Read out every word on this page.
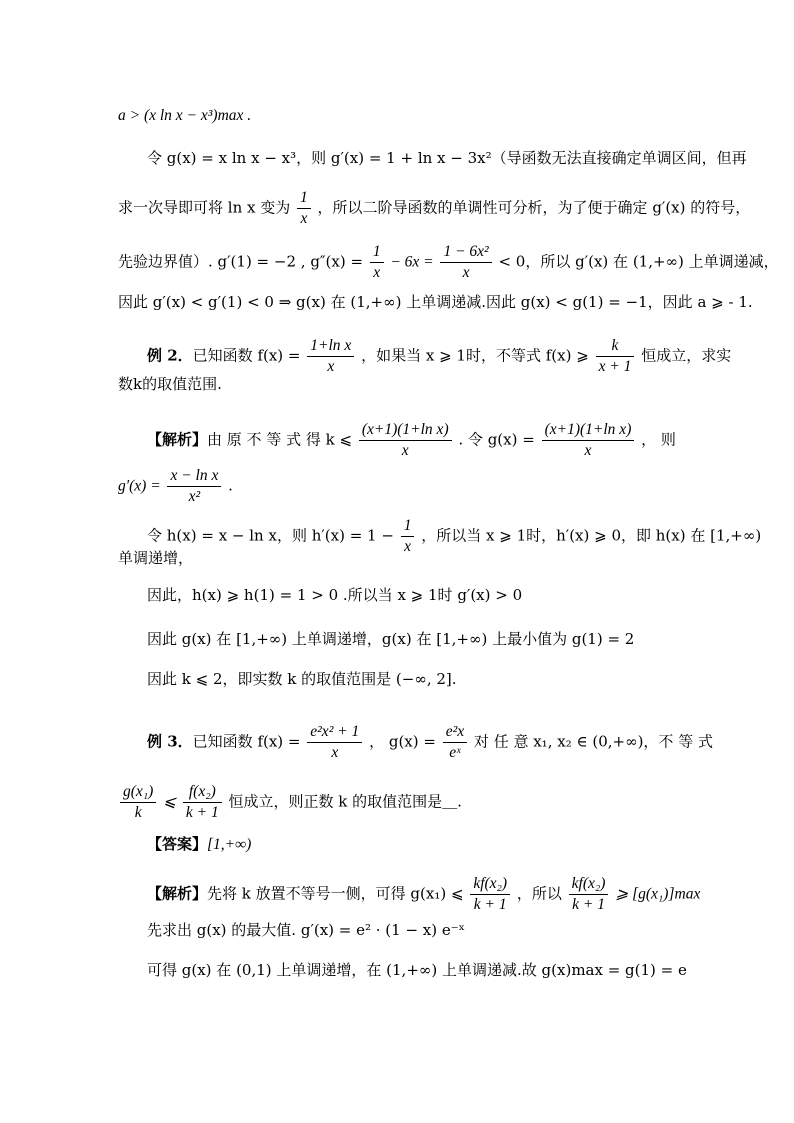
a > (x ln x − x³)max .
令 g(x) = x ln x − x³，则 g′(x) = 1 + ln x − 3x²（导函数无法直接确定单调区间，但再
求一次导即可将 ln x 变为 $\frac{1}{x}$ ，所以二阶导函数的单调性可分析，为了便于确定 g′(x) 的符号，
先验边界值）. g′(1) = −2 , $g''(x) = \frac{1}{x} - 6x = \frac{\text{1 − 6x²}}{x} < 0$，所以 g′(x) 在 (1,+∞) 上单调递减，
因此 g′(x) < g′(1) < 0 ⇒ g(x) 在 (1,+∞) 上单调递减.因此 g(x) < g(1) = −1，因此 a ⩾ - 1.
例 2．已知函数 $f(x) = \frac{\text{1+ln x}}{x}$ ，如果当 x ⩾ 1时，不等式 f(x) ⩾ $\frac{k}{x + 1}$ 恒成立，求实
数k的取值范围.
【解析】由 原 不 等 式 得 k ⩽ $\frac{\text{(x+1)(1+ln x)}}{x}$ . 令 $g(x) = \frac{\text{(x+1)(1+ln x)}}{x}$ ， 则
$g'(x) = \frac{\text{x − ln x}}{\text{x²}}$ .
令 h(x) = x − ln x，则 $h'(x) = 1 - \frac{1}{x}$ ，所以当 x ⩾ 1时，h′(x) ⩾ 0，即 h(x) 在 [1,+∞)
单调递增，
因此，h(x) ⩾ h(1) = 1 > 0 .所以当 x ⩾ 1时 g′(x) > 0
因此 g(x) 在 [1,+∞) 上单调递增，g(x) 在 [1,+∞) 上最小值为 g(1) = 2
因此 k ⩽ 2，即实数 k 的取值范围是 (−∞, 2].
例 3．已知函数 $f(x) = \frac{\text{e²x² + 1}}{x}$ ， $g(x) = \frac{\text{e²x}}{\text{eˣ}}$ 对 任 意 x₁, x₂ ∈ (0,+∞)，不 等 式
$\frac{\text{g(x₁)}}{k}$ ⩽ $\frac{\text{f(x₂)}}{k + 1}$ 恒成立，则正数 k 的取值范围是＿.
【答案】[1,+∞)
【解析】先将 k 放置不等号一侧，可得 g(x₁) ⩽ $\frac{\text{kf(x₂)}}{k + 1}$ ，所以 $\frac{\text{kf(x₂)}}{k + 1}$ ⩾ [g(x₁)]max
先求出 g(x) 的最大值. g′(x) = e² · (1 − x) e⁻ˣ
可得 g(x) 在 (0,1) 上单调递增，在 (1,+∞) 上单调递减.故 g(x)max = g(1) = e
